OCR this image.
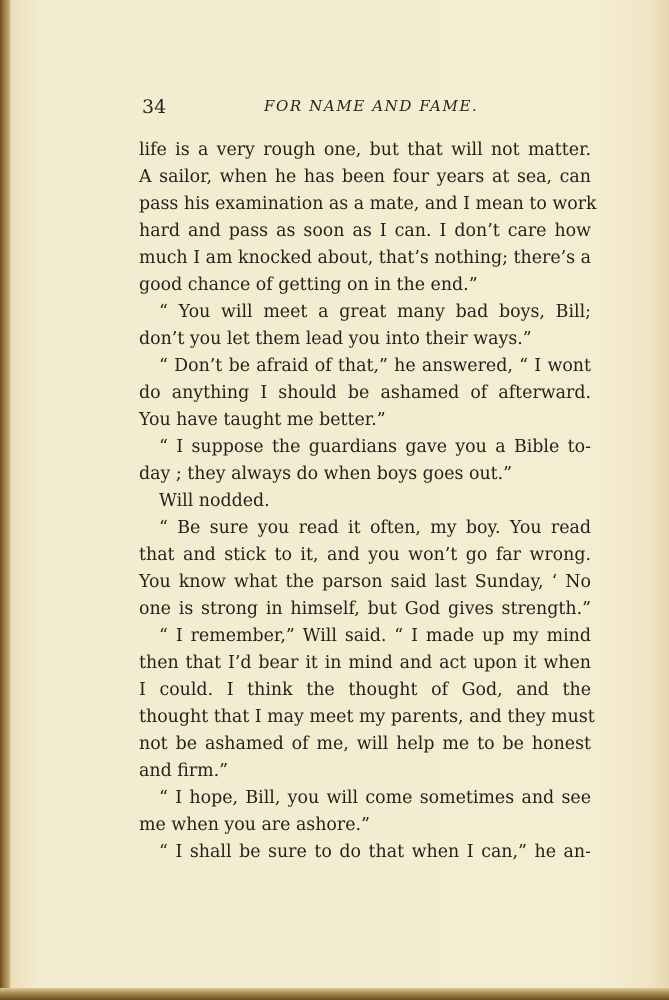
34	FOR NAME AND FAME.
life is a very rough one, but that will not matter.
A sailor, when he has been four years at sea, can
pass his examination as a mate, and I mean to work
hard and pass as soon as I can. I don’t care how
much I am knocked about, that’s nothing; there’s a
good chance of getting on in the end.”
“ You will meet a great many bad boys, Bill;
don’t you let them lead you into their ways.”
“ Don’t be afraid of that,” he answered, “ I wont
do anything I should be ashamed of afterward.
You have taught me better.”
“ I suppose the guardians gave you a Bible to-
day ; they always do when boys goes out.”
Will nodded.
“ Be sure you read it often, my boy. You read
that and stick to it, and you won’t go far wrong.
You know what the parson said last Sunday, ‘ No
one is strong in himself, but God gives strength.”
“ I remember,” Will said. “ I made up my mind
then that I’d bear it in mind and act upon it when
I could. I think the thought of God, and the
thought that I may meet my parents, and they must
not be ashamed of me, will help me to be honest
and firm.”
“ I hope, Bill, you will come sometimes and see
me when you are ashore.”
“ I shall be sure to do that when I can,” he an-
